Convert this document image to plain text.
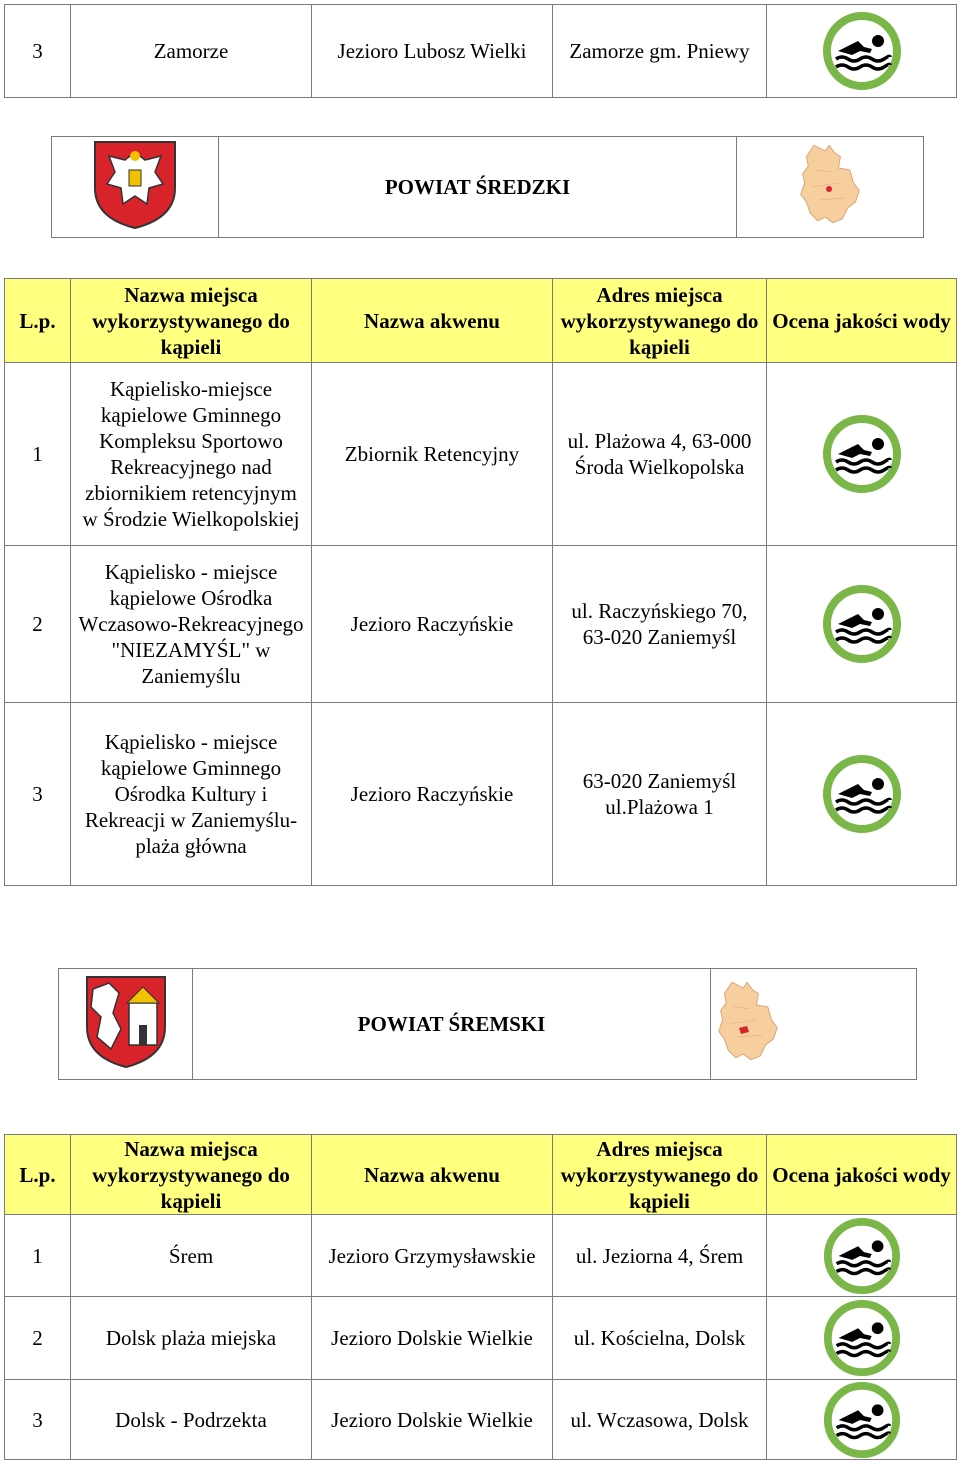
3	Zamorze	Jezioro Lubosz Wielki	Zamorze gm. Pniewy	
	POWIAT ŚREDZKI	
L.p.	Nazwa miejsca wykorzystywanego do kąpieli	Nazwa akwenu	Adres miejsca wykorzystywanego do kąpieli	Ocena jakości wody
1	Kąpielisko-miejsce kąpielowe Gminnego Kompleksu Sportowo Rekreacyjnego nad zbiornikiem retencyjnym w Środzie Wielkopolskiej	Zbiornik Retencyjny	ul. Plażowa 4, 63-000 Środa Wielkopolska	

2	Kąpielisko - miejsce kąpielowe Ośrodka Wczasowo-Rekreacyjnego "NIEZAMYŚL" w Zaniemyślu	Jezioro Raczyńskie	ul. Raczyńskiego 70, 63-020 Zaniemyśl	

3	Kąpielisko - miejsce kąpielowe Gminnego Ośrodka Kultury i Rekreacji w Zaniemyślu-plaża główna	Jezioro Raczyńskie	63-020 Zaniemyśl ul.Plażowa 1	
	POWIAT ŚREMSKI	
L.p.	Nazwa miejsca wykorzystywanego do kąpieli	Nazwa akwenu	Adres miejsca wykorzystywanego do kąpieli	Ocena jakości wody
1	Śrem	Jezioro Grzymysławskie	ul. Jeziorna 4, Śrem	

2	Dolsk plaża miejska	Jezioro Dolskie Wielkie	ul. Kościelna, Dolsk	

3	Dolsk - Podrzekta	Jezioro Dolskie Wielkie	ul. Wczasowa, Dolsk	
